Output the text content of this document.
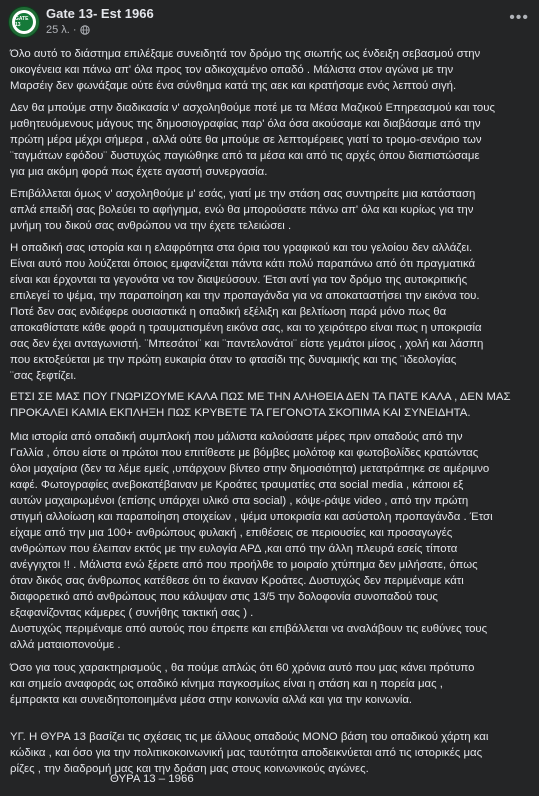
GATE 13
Gate 13- Est 1966
25 λ. ·
•••

Όλο αυτό το διάστημα επιλέξαμε συνειδητά τον δρόμο της σιωπής ως ένδειξη σεβασμού στην
οικογένεια και πάνω απ' όλα προς τον αδικοχαμένο οπαδό . Μάλιστα στον αγώνα με την
Μαρσέιγ δεν φωνάξαμε ούτε ένα σύνθημα κατά της αεκ και κρατήσαμε ενός λεπτού σιγή.

Δεν θα μπούμε στην διαδικασία ν' ασχοληθούμε ποτέ με τα Μέσα Μαζικού Επηρεασμού και τους
μαθητευόμενους μάγους της δημοσιογραφίας παρ' όλα όσα ακούσαμε και διαβάσαμε από την
πρώτη μέρα μέχρι σήμερα , αλλά ούτε θα μπούμε σε λεπτομέρειες γιατί το τρομο-σενάριο των
¨ταγμάτων εφόδου¨ δυστυχώς παγιώθηκε από τα μέσα και από τις αρχές όπου διαπιστώσαμε
για μια ακόμη φορά πως έχετε αγαστή συνεργασία.

Επιβάλλεται όμως ν' ασχοληθούμε μ' εσάς, γιατί με την στάση σας συντηρείτε μια κατάσταση
απλά επειδή σας βολεύει το αφήγημα, ενώ θα μπορούσατε πάνω απ' όλα και κυρίως για την
μνήμη του δικού σας ανθρώπου να την έχετε τελειώσει .

Η οπαδική σας ιστορία και η ελαφρότητα στα όρια του γραφικού και του γελοίου δεν αλλάζει.
Είναι αυτό που λούζεται όποιος εμφανίζεται πάντα κάτι πολύ παραπάνω από ότι πραγματικά
είναι και έρχονται τα γεγονότα να τον διαψεύσουν. Έτσι αντί για τον δρόμο της αυτοκριτικής
επιλεγεί το ψέμα, την παραποίηση και την προπαγάνδα για να αποκαταστήσει την εικόνα του.
Ποτέ δεν σας ενδιέφερε ουσιαστικά η οπαδική εξέλιξη και βελτίωση παρά μόνο πως θα
αποκαθίστατε κάθε φορά η τραυματισμένη εικόνα σας, και το χειρότερο είναι πως η υποκρισία
σας δεν έχει ανταγωνιστή. ¨Μπεσάτοι¨ και ¨παντελονάτοι¨ είστε γεμάτοι μίσος , χολή και λάσπη
που εκτοξεύεται με την πρώτη ευκαιρία όταν το φτασίδι της δυναμικής και της ¨ιδεολογίας
¨σας ξεφτίζει.

ΕΤΣΙ ΣΕ ΜΑΣ ΠΟΥ ΓΝΩΡΙΖΟΥΜΕ ΚΑΛΑ ΠΩΣ ΜΕ ΤΗΝ ΑΛΗΘΕΙΑ ΔΕΝ ΤΑ ΠΑΤΕ ΚΑΛΑ , ΔΕΝ ΜΑΣ
ΠΡΟΚΑΛΕΙ ΚΑΜΙΑ ΕΚΠΛΗΞΗ ΠΩΣ ΚΡΥΒΕΤΕ ΤΑ ΓΕΓΟΝΟΤΑ ΣΚΟΠΙΜΑ ΚΑΙ ΣΥΝΕΙΔΗΤΑ.

Μια ιστορία από οπαδική συμπλοκή που μάλιστα καλούσατε μέρες πριν οπαδούς από την
Γαλλία , όπου είστε οι πρώτοι που επιτίθεστε με βόμβες μολότοφ και φωτοβολίδες κρατώντας
όλοι μαχαίρια (δεν τα λέμε εμείς ,υπάρχουν βίντεο στην δημοσιότητα) μετατράπηκε σε αμέριμνο
καφέ. Φωτογραφίες ανεβοκατέβαιναν με Κροάτες τραυματίες στα social media , κάποιοι εξ
αυτών μαχαιρωμένοι (επίσης υπάρχει υλικό στα social) , κόψε-ράψε video , από την πρώτη
στιγμή αλλοίωση και παραποίηση στοιχείων , ψέμα υποκρισία και ασύστολη προπαγάνδα . Έτσι
είχαμε από την μια 100+ ανθρώπους φυλακή , επιθέσεις σε περιουσίες και προσαγωγές
ανθρώπων που έλειπαν εκτός με την ευλογία ΑΡΔ ,και από την άλλη πλευρά εσείς τίποτα
ανέγγιχτοι !! . Μάλιστα ενώ ξέρετε από που προήλθε το μοιραίο χτύπημα δεν μιλήσατε, όπως
όταν δικός σας άνθρωπος κατέθεσε ότι το έκαναν Κροάτες. Δυστυχώς δεν περιμέναμε κάτι
διαφορετικό από ανθρώπους που κάλυψαν στις 13/5 την δολοφονία συνοπαδού τους
εξαφανίζοντας κάμερες ( συνήθης τακτική σας ) .

Δυστυχώς περιμέναμε από αυτούς που έπρεπε και επιβάλλεται να αναλάβουν τις ευθύνες τους
αλλά ματαιοπονούμε .

Όσο για τους χαρακτηρισμούς , θα πούμε απλώς ότι 60 χρόνια αυτό που μας κάνει πρότυπο
και σημείο αναφοράς ως οπαδικό κίνημα παγκοσμίως είναι η στάση και η πορεία μας ,
έμπρακτα και συνειδητοποιημένα μέσα στην κοινωνία αλλά και για την κοινωνία.

ΥΓ. Η ΘΥΡΑ 13 βασίζει τις σχέσεις τις με άλλους οπαδούς ΜΟΝΟ βάση του οπαδικού χάρτη και
κώδικα , και όσο για την πολιτικοκοινωνική μας ταυτότητα αποδεικνύεται από τις ιστορικές μας
ρίζες , την διαδρομή μας και την δράση μας στους κοινωνικούς αγώνες.

ΘΥΡΑ 13 – 1966
